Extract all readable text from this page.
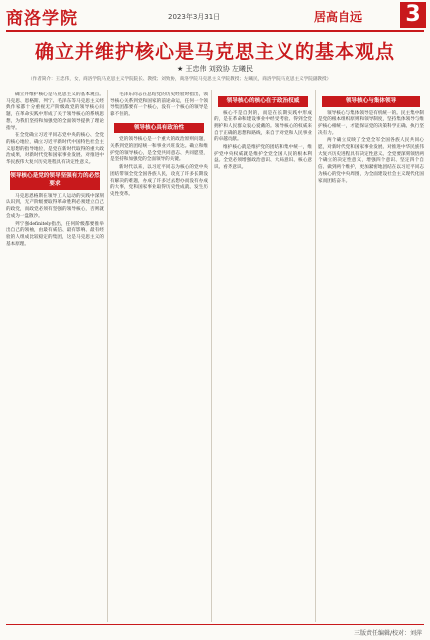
商洛学院	2023年3月31日	居高自远 3
确立并维护核心是马克思主义的基本观点
★ 王忠伟 刘致协 左曦民
（作者简介：王忠伟，女，商洛学院马克思主义学院院长、教授；刘致协，商洛学院马克思主义学院教授；左曦民，商洛学院马克思主义学院副教授）

确立并维护核心是马克思主义的基本观点。马克思、恩格斯、列宁、毛泽东等马克思主义经典作家都十分重视无产阶级政党的领导核心问题，在革命实践中形成了关于领导核心的系统思想，为我们坚持和加强党的全面领导提供了理论指导。

在全党确立习近平同志党中央的核心、全党的核心地位，确立习近平新时代中国特色社会主义思想的指导地位，是党在新时代取得的重大政治成果，对新时代党和国家事业发展、对推进中华民族伟大复兴历史进程具有决定性意义。

领导核心是党的领导坚强有力的必然要求

马克思恩格斯在领导工人运动的实践中深刻认识到，无产阶级要取得革命胜利必须建立自己的政党，而政党必须有坚强的领导核心，否则就会成为一盘散沙。

列宁强definitely指出，任何阶级都要推举出自己的领袖，由最有威信、最有影响、最有经验的人组成比较稳定的集团，这是马克思主义的基本原理。

毛泽东同志在总结党的历史经验时指出，领导核心关系到党和国家的前途命运，任何一个领导集团都要有一个核心，没有一个核心的领导是靠不住的。

领导核心具有政治性

党的领导核心是一个重大的政治原则问题，关系到党的团结统一和事业兴旺发达。确立和维护党的领导核心，是全党共同意志、共同愿望，是坚持和加强党的全面领导的关键。

新时代以来，以习近平同志为核心的党中央团结带领全党全国各族人民，攻克了许多长期没有解决的难题，办成了许多过去想办而没有办成的大事，党和国家事业取得历史性成就、发生历史性变革。

领导核心的核心在于政治权威

核心不是自封的，而是在长期实践中形成的，是在革命和建设事业中经受考验、得到全党拥护和人民群众衷心爱戴的。领导核心的权威来自于正确的思想和路线，来自于对党和人民事业的卓越贡献。

维护核心就是维护党的团结和集中统一，维护党中央权威就是维护全党全国人民的根本利益。全党必须增强政治意识、大局意识、核心意识、看齐意识。

领导核心与集体领导

领导核心与集体领导是有机统一的。民主集中制是党的根本组织原则和领导制度，坚持集体领导与维护核心相统一，才能保证党的决策科学正确、执行坚决有力。

两个确立反映了全党全军全国各族人民共同心愿，对新时代党和国家事业发展、对推进中华民族伟大复兴历史进程具有决定性意义。全党要深刻领悟两个确立的决定性意义，增强四个意识、坚定四个自信、做到两个维护，更加紧密地团结在以习近平同志为核心的党中央周围，为全面建设社会主义现代化国家而团结奋斗。

三版责任编辑/校对：刘萍
